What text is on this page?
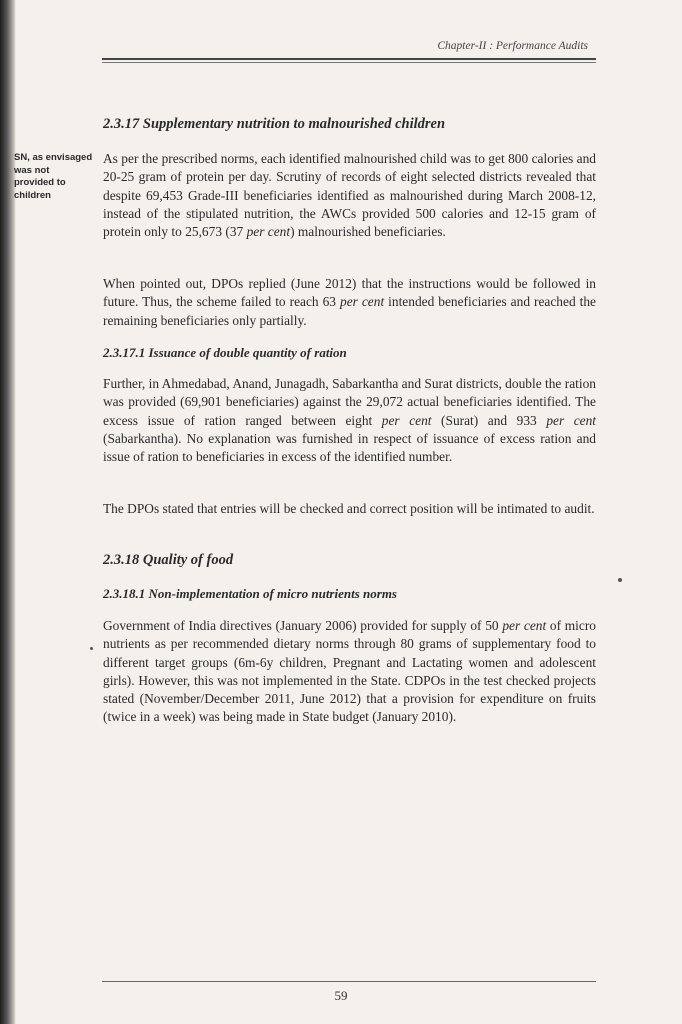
Chapter-II : Performance Audits
SN, as envisaged
was not
provided to
children
2.3.17 Supplementary nutrition to malnourished children

As per the prescribed norms, each identified malnourished child was to get 800 calories and 20-25 gram of protein per day. Scrutiny of records of eight selected districts revealed that despite 69,453 Grade-III beneficiaries identified as malnourished during March 2008-12, instead of the stipulated nutrition, the AWCs provided 500 calories and 12-15 gram of protein only to 25,673 (37 per cent) malnourished beneficiaries.

When pointed out, DPOs replied (June 2012) that the instructions would be followed in future. Thus, the scheme failed to reach 63 per cent intended beneficiaries and reached the remaining beneficiaries only partially.

2.3.17.1 Issuance of double quantity of ration

Further, in Ahmedabad, Anand, Junagadh, Sabarkantha and Surat districts, double the ration was provided (69,901 beneficiaries) against the 29,072 actual beneficiaries identified. The excess issue of ration ranged between eight per cent (Surat) and 933 per cent (Sabarkantha). No explanation was furnished in respect of issuance of excess ration and issue of ration to beneficiaries in excess of the identified number.

The DPOs stated that entries will be checked and correct position will be intimated to audit.

2.3.18 Quality of food
2.3.18.1 Non-implementation of micro nutrients norms

Government of India directives (January 2006) provided for supply of 50 per cent of micro nutrients as per recommended dietary norms through 80 grams of supplementary food to different target groups (6m-6y children, Pregnant and Lactating women and adolescent girls). However, this was not implemented in the State. CDPOs in the test checked projects stated (November/December 2011, June 2012) that a provision for expenditure on fruits (twice in a week) was being made in State budget (January 2010).

59
